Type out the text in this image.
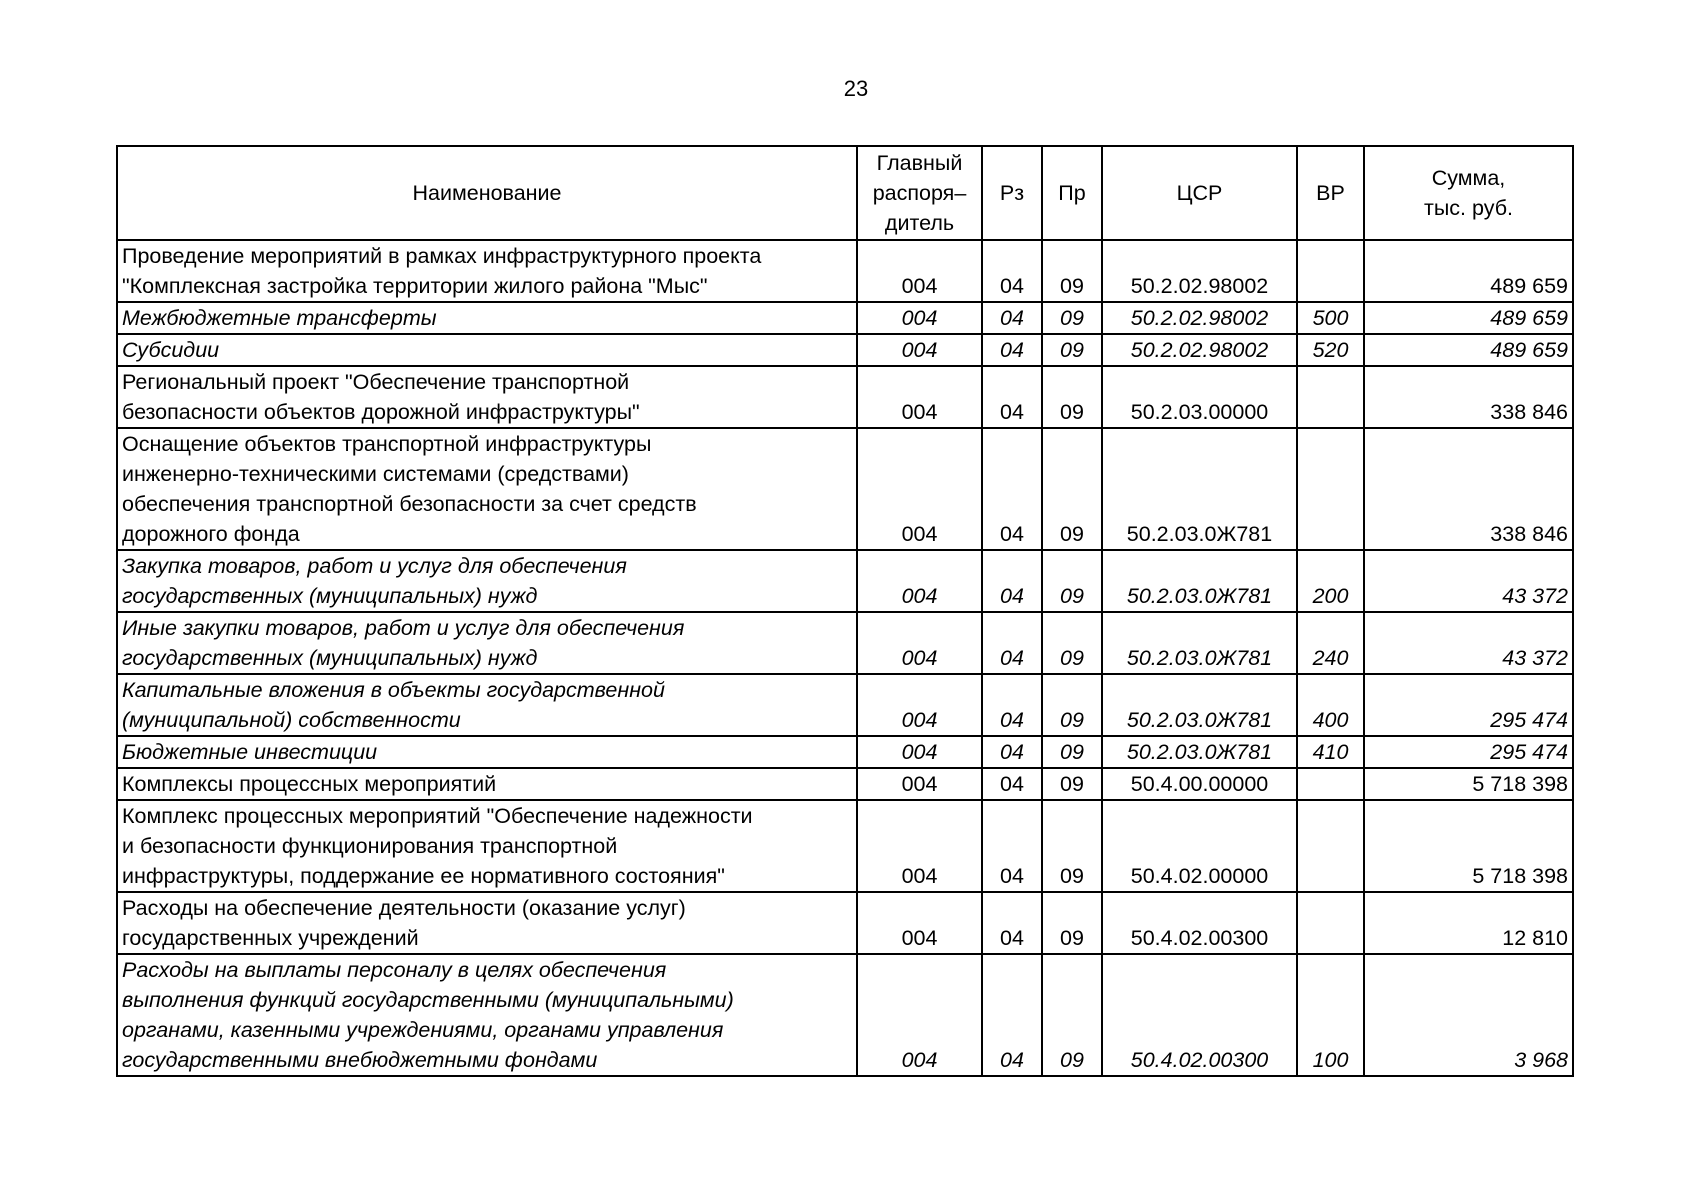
23
Наименование	Главный
распоря–
дитель	Рз	Пр	ЦСР	ВР	Сумма,
тыс. руб.

Проведение мероприятий в рамках инфраструктурного проекта
"Комплексная застройка территории жилого района "Мыс"	004	04	09	50.2.02.98002		489 659

Межбюджетные трансферты	004	04	09	50.2.02.98002	500	489 659

Субсидии	004	04	09	50.2.02.98002	520	489 659

Региональный проект "Обеспечение транспортной
безопасности объектов дорожной инфраструктуры"	004	04	09	50.2.03.00000		338 846

Оснащение объектов транспортной инфраструктуры
инженерно-техническими системами (средствами)
обеспечения транспортной безопасности за счет средств
дорожного фонда	004	04	09	50.2.03.0Ж781		338 846

Закупка товаров, работ и услуг для обеспечения
государственных (муниципальных) нужд	004	04	09	50.2.03.0Ж781	200	43 372

Иные закупки товаров, работ и услуг для обеспечения
государственных (муниципальных) нужд	004	04	09	50.2.03.0Ж781	240	43 372

Капитальные вложения в объекты государственной
(муниципальной) собственности	004	04	09	50.2.03.0Ж781	400	295 474

Бюджетные инвестиции	004	04	09	50.2.03.0Ж781	410	295 474

Комплексы процессных мероприятий	004	04	09	50.4.00.00000		5 718 398

Комплекс процессных мероприятий "Обеспечение надежности
и безопасности функционирования транспортной
инфраструктуры, поддержание ее нормативного состояния"	004	04	09	50.4.02.00000		5 718 398

Расходы на обеспечение деятельности (оказание услуг)
государственных учреждений	004	04	09	50.4.02.00300		12 810

Расходы на выплаты персоналу в целях обеспечения
выполнения функций государственными (муниципальными)
органами, казенными учреждениями, органами управления
государственными внебюджетными фондами	004	04	09	50.4.02.00300	100	3 968
